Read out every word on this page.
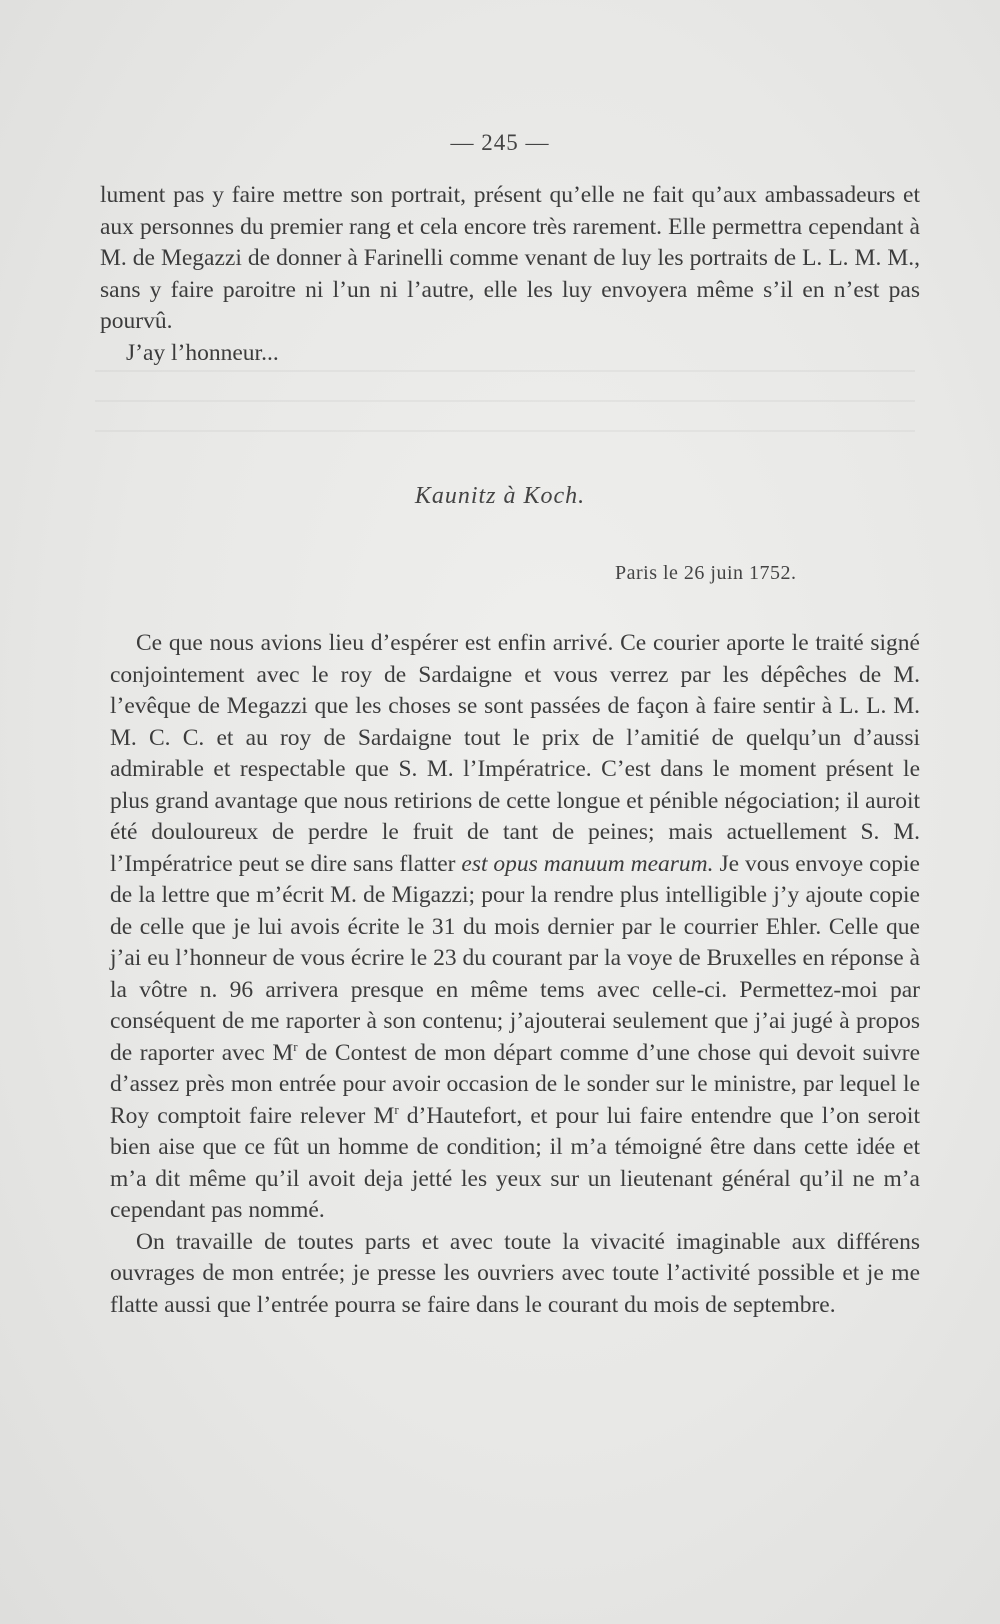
— 245 —

lument pas y faire mettre son portrait, présent qu’elle ne fait qu’aux ambassadeurs et aux personnes du premier rang et cela encore très rarement. Elle permettra cependant à M. de Megazzi de donner à Farinelli comme venant de luy les portraits de L. L. M. M., sans y faire paroitre ni l’un ni l’autre, elle les luy envoyera même s’il en n’est pas pourvû.

J’ay l’honneur...

Kaunitz à Koch.
Paris le 26 juin 1752.

Ce que nous avions lieu d’espérer est enfin arrivé. Ce courier aporte le traité signé conjointement avec le roy de Sardaigne et vous verrez par les dépêches de M. l’evêque de Megazzi que les choses se sont passées de façon à faire sentir à L. L. M. M. C. C. et au roy de Sardaigne tout le prix de l’amitié de quelqu’un d’aussi admirable et respectable que S. M. l’Impératrice. C’est dans le moment présent le plus grand avantage que nous retirions de cette longue et pénible négociation; il auroit été douloureux de perdre le fruit de tant de peines; mais actuellement S. M. l’Impératrice peut se dire sans flatter est opus manuum mearum. Je vous envoye copie de la lettre que m’écrit M. de Migazzi; pour la rendre plus intelligible j’y ajoute copie de celle que je lui avois écrite le 31 du mois dernier par le courrier Ehler. Celle que j’ai eu l’honneur de vous écrire le 23 du courant par la voye de Bruxelles en réponse à la vôtre n. 96 arrivera presque en même tems avec celle-ci. Permettez-moi par conséquent de me raporter à son contenu; j’ajouterai seulement que j’ai jugé à propos de raporter avec $M^r$ de Contest de mon départ comme d’une chose qui devoit suivre d’assez près mon entrée pour avoir occasion de le sonder sur le ministre, par lequel le Roy comptoit faire relever $M^r$ d’Hautefort, et pour lui faire entendre que l’on seroit bien aise que ce fût un homme de condition; il m’a témoigné être dans cette idée et m’a dit même qu’il avoit deja jetté les yeux sur un lieutenant général qu’il ne m’a cependant pas nommé.

On travaille de toutes parts et avec toute la vivacité imaginable aux différens ouvrages de mon entrée; je presse les ouvriers avec toute l’activité possible et je me flatte aussi que l’entrée pourra se faire dans le courant du mois de septembre.
